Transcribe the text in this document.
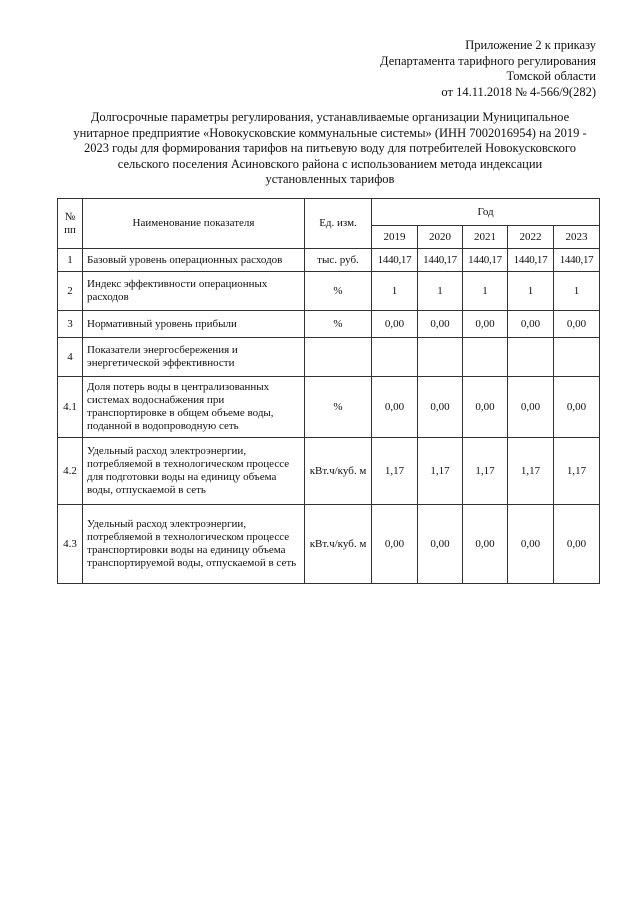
Приложение 2 к приказу
Департамента тарифного регулирования
Томской области
от 14.11.2018 № 4-566/9(282)
Долгосрочные параметры регулирования, устанавливаемые организации Муниципальное
унитарное предприятие «Новокусковские коммунальные системы» (ИНН 7002016954) на 2019 -
2023 годы для формирования тарифов на питьевую воду для потребителей Новокусковского
сельского поселения Асиновского района с использованием метода индексации
установленных тарифов
№ пп	Наименование показателя	Ед. изм.	Год				
			2019	2020	2021	2022	2023
1	Базовый уровень операционных расходов	тыс. руб.	1440,17	1440,17	1440,17	1440,17	1440,17
2	Индекс эффективности операционных расходов	%	1	1	1	1	1
3	Нормативный уровень прибыли	%	0,00	0,00	0,00	0,00	0,00
4	Показатели энергосбережения и энергетической эффективности						
4.1	Доля потерь воды в централизованных системах водоснабжения при транспортировке в общем объеме воды, поданной в водопроводную сеть	%	0,00	0,00	0,00	0,00	0,00
4.2	Удельный расход электроэнергии, потребляемой в технологическом процессе для подготовки воды на единицу объема воды, отпускаемой в сеть	кВт.ч/куб. м	1,17	1,17	1,17	1,17	1,17
4.3	Удельный расход электроэнергии, потребляемой в технологическом процессе транспортировки воды на единицу объема транспортируемой воды, отпускаемой в сеть	кВт.ч/куб. м	0,00	0,00	0,00	0,00	0,00
